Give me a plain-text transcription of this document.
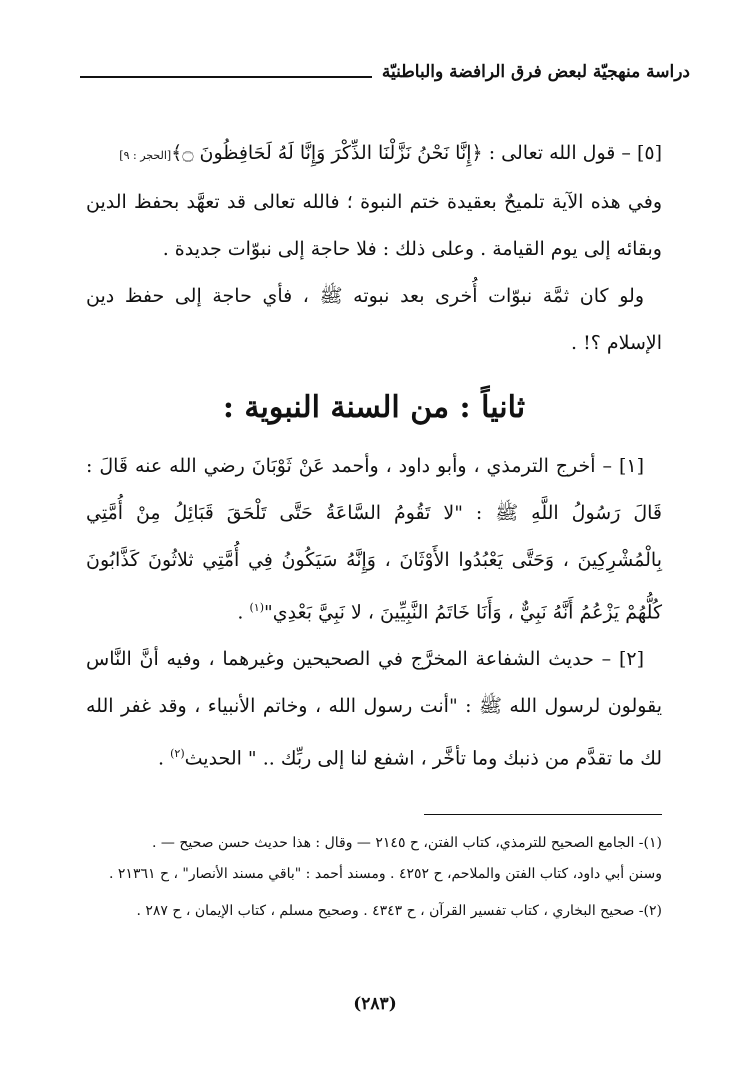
دراسة منهجيّة لبعض فرق الرافضة والباطنيّة

[٥] – قول الله تعالى : ﴿إِنَّا نَحْنُ نَزَّلْنَا الذِّكْرَ وَإِنَّا لَهُ لَحَافِظُونَ ۝﴾[الحجر : ٩]

وفي هذه الآية تلميحٌ بعقيدة ختم النبوة ؛ فالله تعالى قد تعهَّد بحفظ الدين وبقائه إلى يوم القيامة . وعلى ذلك : فلا حاجة إلى نبوّات جديدة .

ولو كان ثمَّة نبوّات أُخرى بعد نبوته ﷺ ، فأي حاجة إلى حفظ دين الإسلام ؟! .

ثانياً : من السنة النبوية :

[١] – أخرج الترمذي ، وأبو داود ، وأحمد عَنْ ثَوْبَانَ رضي الله عنه قَالَ : قَالَ رَسُولُ اللَّهِ ﷺ : "لا تَقُومُ السَّاعَةُ حَتَّى تَلْحَقَ قَبَائِلُ مِنْ أُمَّتِي بِالْمُشْرِكِينَ ، وَحَتَّى يَعْبُدُوا الأَوْثَانَ ، وَإِنَّهُ سَيَكُونُ فِي أُمَّتِي ثلاثُونَ كَذَّابُونَ كُلُّهُمْ يَزْعُمُ أَنَّهُ نَبِيٌّ ، وَأَنَا خَاتَمُ النَّبِيِّينَ ، لا نَبِيَّ بَعْدِي"$^{(١)}$ .

[٢] – حديث الشفاعة المخرَّج في الصحيحين وغيرهما ، وفيه أنَّ النَّاس يقولون لرسول الله ﷺ : "أنت رسول الله ، وخاتم الأنبياء ، وقد غفر الله لك ما تقدَّم من ذنبك وما تأخَّر ، اشفع لنا إلى ربِّك .. " الحديث$^{(٢)}$ .

(١)- الجامع الصحيح للترمذي، كتاب الفتن، ح ٢١٤٥ — وقال : هذا حديث حسن صحيح — .
وسنن أبي داود، كتاب الفتن والملاحم، ح ٤٢٥٢ . ومسند أحمد : "باقي مسند الأنصار" ، ح ٢١٣٦١ .

(٢)- صحيح البخاري ، كتاب تفسير القرآن ، ح ٤٣٤٣ . وصحيح مسلم ، كتاب الإيمان ، ح ٢٨٧ .

(٢٨٣)
